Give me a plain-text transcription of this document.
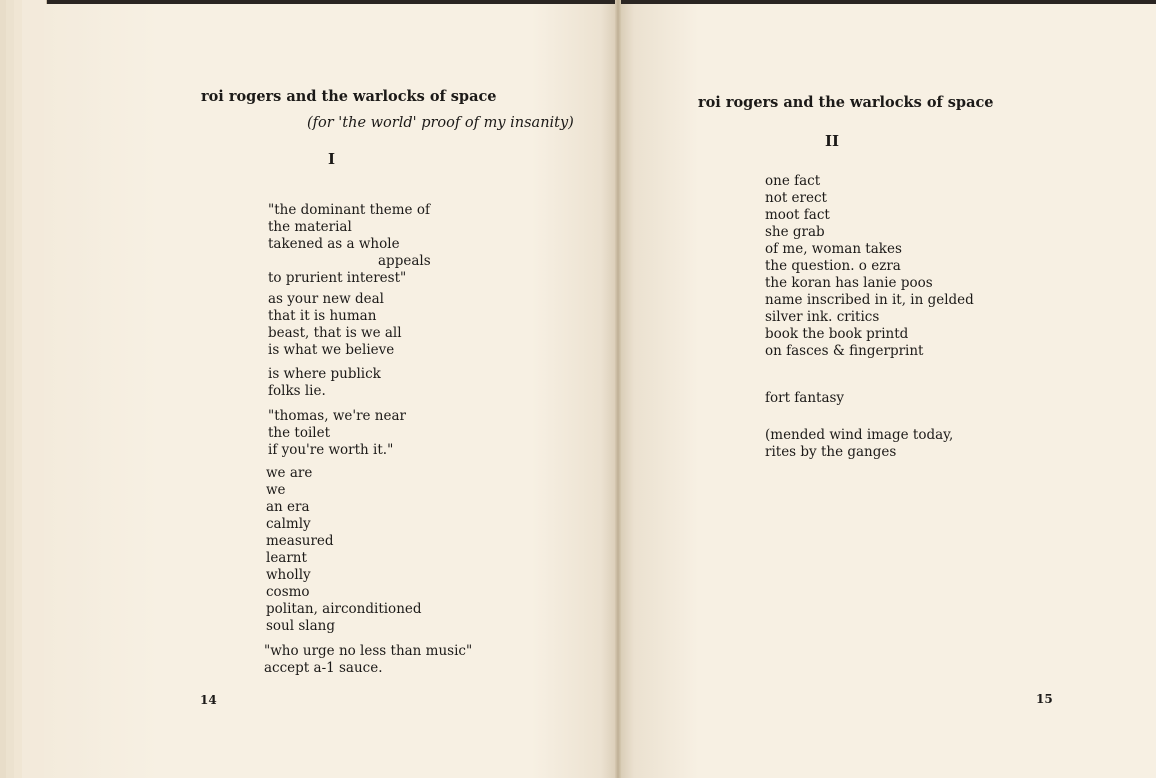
roi rogers and the warlocks of space
(for 'the world' proof of my insanity)
I
"the dominant theme of
the material
takened as a whole
appeals
to prurient interest"
as your new deal
that it is human
beast, that is we all
is what we believe
is where publick
folks lie.
"thomas, we're near
the toilet
if you're worth it."
we are
we
an era
calmly
measured
learnt
wholly
cosmo
politan, airconditioned
soul slang
"who urge no less than music"
accept a-1 sauce.
14
roi rogers and the warlocks of space
II
one fact
not erect
moot fact
she grab
of me, woman takes
the question. o ezra
the koran has lanie poos
name inscribed in it, in gelded
silver ink. critics
book the book printd
on fasces & fingerprint
fort fantasy
(mended wind image today,
rites by the ganges
15
